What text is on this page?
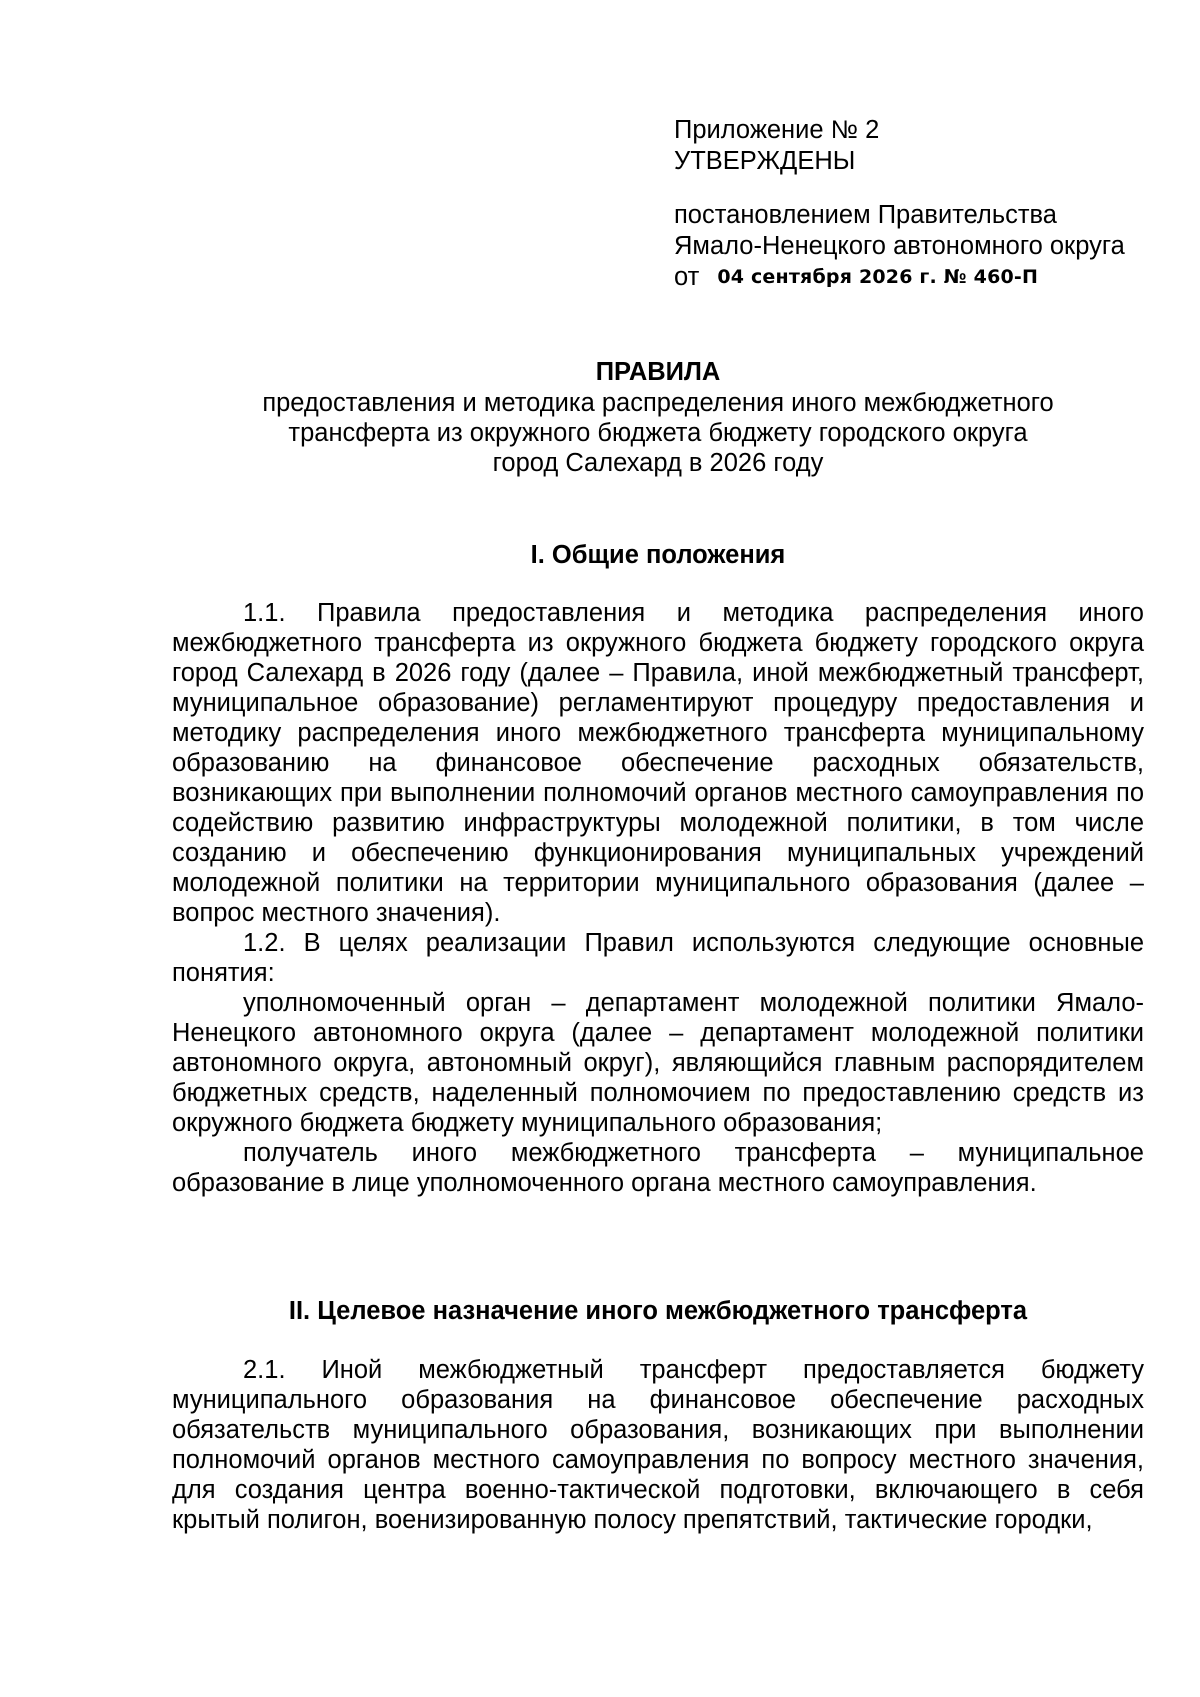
Приложение № 2
УТВЕРЖДЕНЫ
постановлением Правительства
Ямало-Ненецкого автономного округа
от 04 сентября 2026 г. № 460-П
ПРАВИЛА
предоставления и методика распределения иного межбюджетного
трансферта из окружного бюджета бюджету городского округа
город Салехард в 2026 году
I. Общие положения

1.1. Правила предоставления и методика распределения иного межбюджетного трансферта из окружного бюджета бюджету городского округа город Салехард в 2026 году (далее – Правила, иной межбюджетный трансферт, муниципальное образование) регламентируют процедуру предоставления и методику распределения иного межбюджетного трансферта муниципальному образованию на финансовое обеспечение расходных обязательств, возникающих при выполнении полномочий органов местного самоуправления по содействию развитию инфраструктуры молодежной политики, в том числе созданию и обеспечению функционирования муниципальных учреждений молодежной политики на территории муниципального образования (далее – вопрос местного значения).

1.2. В целях реализации Правил используются следующие основные понятия:

уполномоченный орган – департамент молодежной политики Ямало-Ненецкого автономного округа (далее – департамент молодежной политики автономного округа, автономный округ), являющийся главным распорядителем бюджетных средств, наделенный полномочием по предоставлению средств из окружного бюджета бюджету муниципального образования;

получатель иного межбюджетного трансферта – муниципальное образование в лице уполномоченного органа местного самоуправления.

II. Целевое назначение иного межбюджетного трансферта

2.1. Иной межбюджетный трансферт предоставляется бюджету муниципального образования на финансовое обеспечение расходных обязательств муниципального образования, возникающих при выполнении полномочий органов местного самоуправления по вопросу местного значения, для создания центра военно-тактической подготовки, включающего в себя крытый полигон, военизированную полосу препятствий, тактические городки,
